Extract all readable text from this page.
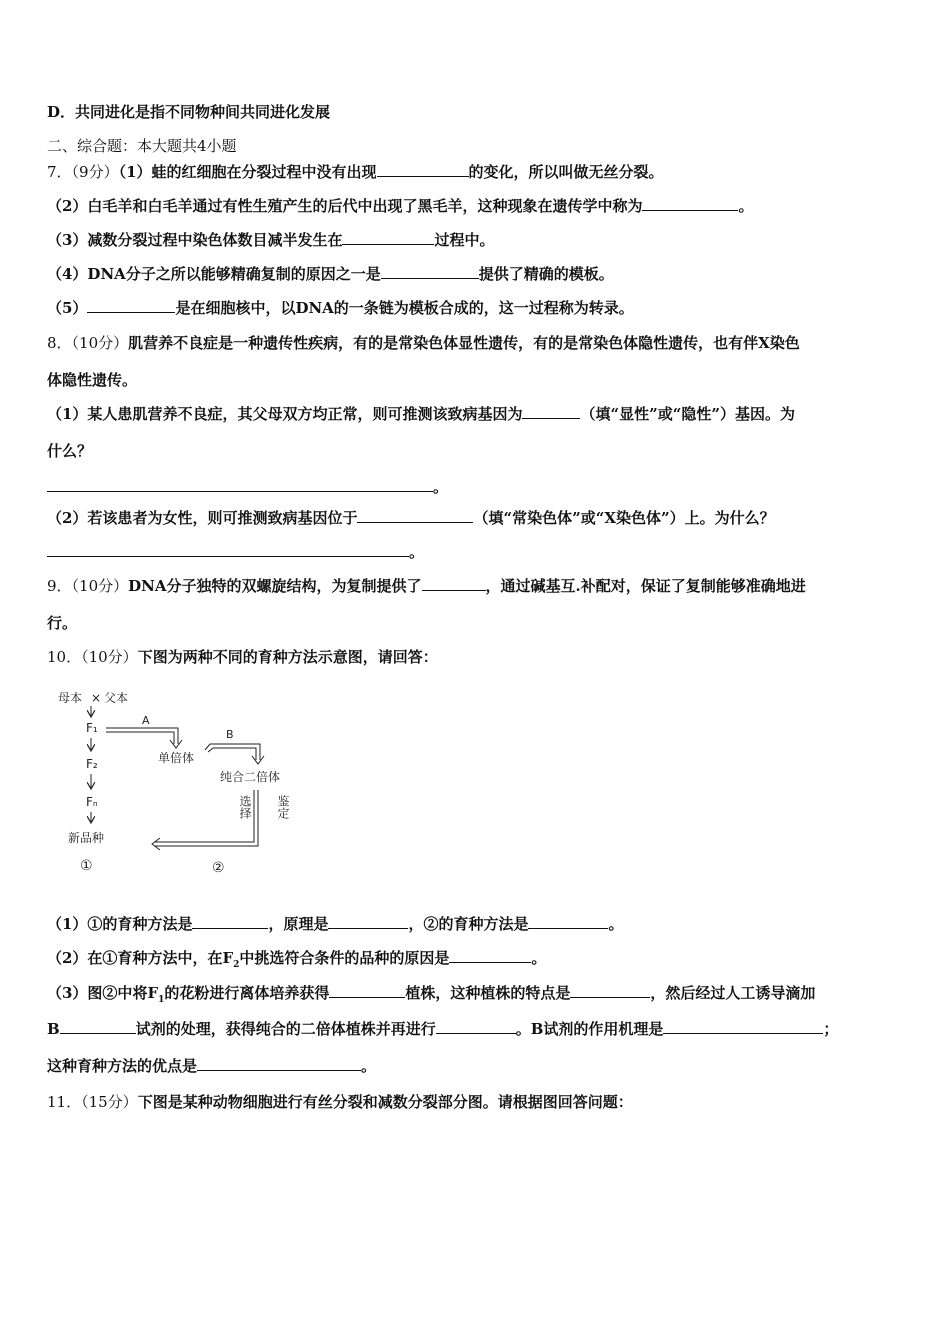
D．共同进化是指不同物种间共同进化发展
二、综合题：本大题共4小题
7．（9分）（1）蛙的红细胞在分裂过程中没有出现	的变化，所以叫做无丝分裂。
（2）白毛羊和白毛羊通过有性生殖产生的后代中出现了黑毛羊，这种现象在遗传学中称为	。
（3）减数分裂过程中染色体数目减半发生在	过程中。
（4）DNA分子之所以能够精确复制的原因之一是	提供了精确的模板。
（5）	是在细胞核中，以DNA的一条链为模板合成的，这一过程称为转录。
8．（10分）肌营养不良症是一种遗传性疾病，有的是常染色体显性遗传，有的是常染色体隐性遗传，也有伴X染色
体隐性遗传。
（1）某人患肌营养不良症，其父母双方均正常，则可推测该致病基因为	（填“显性”或“隐性”）基因。为
什么？
。
（2）若该患者为女性，则可推测致病基因位于	（填“常染色体”或“X染色体”）上。为什么？
。
9．（10分）DNA分子独特的双螺旋结构，为复制提供了	，通过碱基互.补配对，保证了复制能够准确地进
行。
10．（10分）下图为两种不同的育种方法示意图，请回答：
母本 × 父本
F₁
F₂
Fₙ
新品种
①
A
单倍体
B
纯合二倍体
选择 鉴定
②
（1）①的育种方法是	，原理是	，②的育种方法是	。
（2）在①育种方法中，在$F_2$中挑选符合条件的品种的原因是	。
（3）图②中将$F_1$的花粉进行离体培养获得	植株，这种植株的特点是	，然后经过人工诱导滴加
B	试剂的处理，获得纯合的二倍体植株并再进行	。B试剂的作用机理是	；
这种育种方法的优点是	。
11．（15分）下图是某种动物细胞进行有丝分裂和减数分裂部分图。请根据图回答问题：
